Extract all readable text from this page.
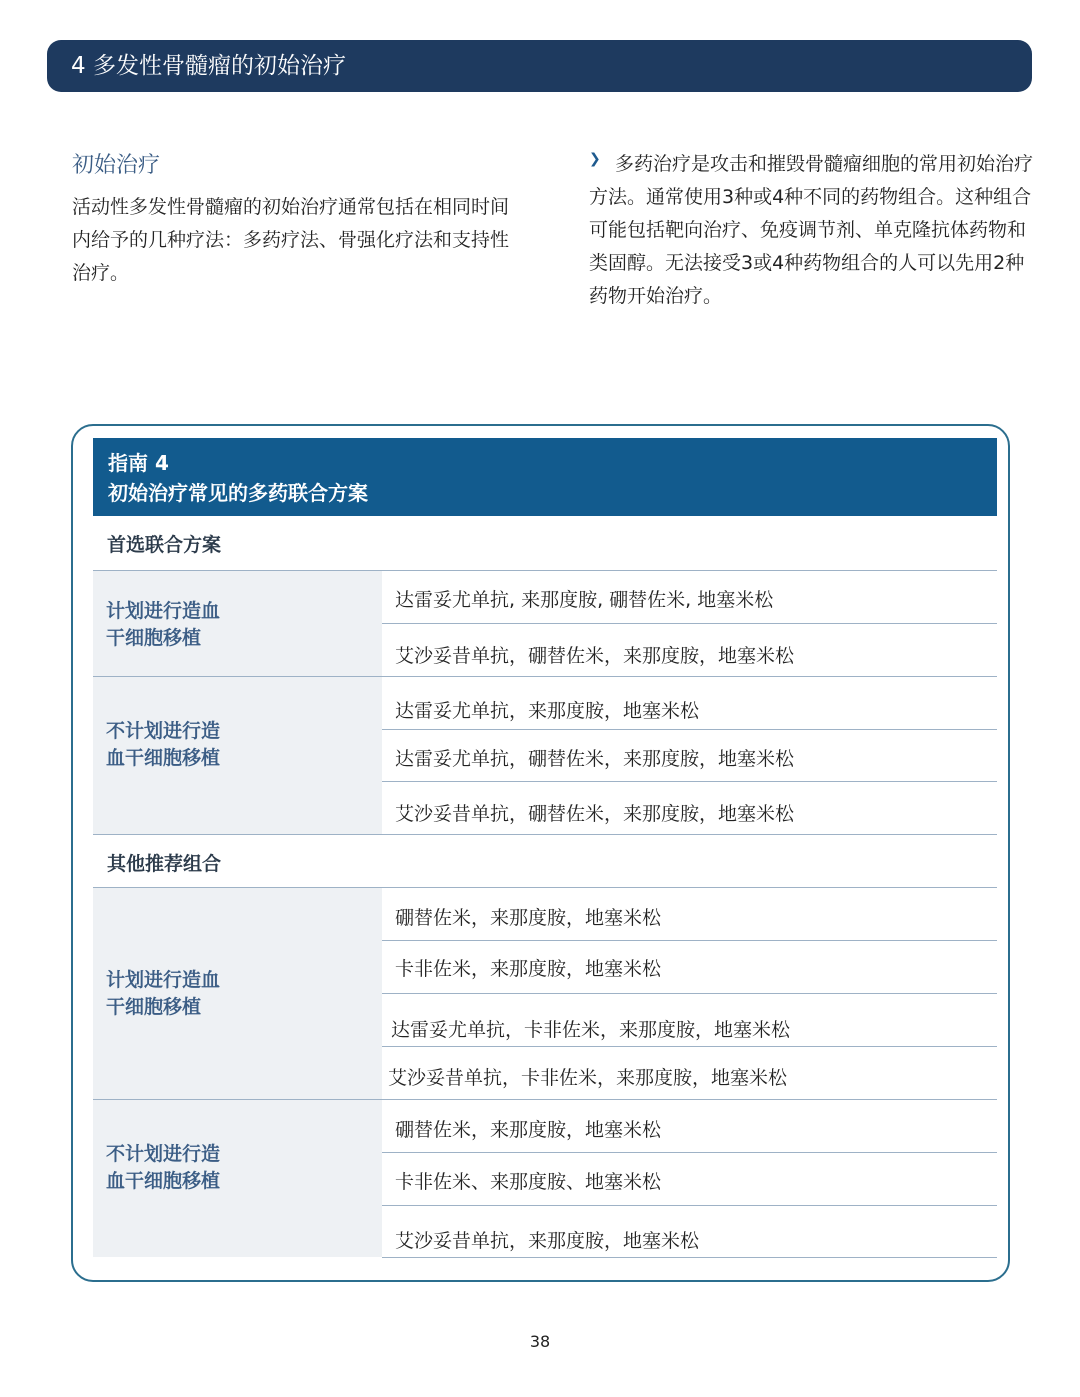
4 多发性骨髓瘤的初始治疗
初始治疗

活动性多发性骨髓瘤的初始治疗通常包括在相同时间内给予的几种疗法：多药疗法、骨强化疗法和支持性治疗。

❯ 多药治疗是攻击和摧毁骨髓瘤细胞的常用初始治疗方法。通常使用3种或4种不同的药物组合。这种组合可能包括靶向治疗、免疫调节剂、单克隆抗体药物和类固醇。无法接受3或4种药物组合的人可以先用2种药物开始治疗。

指南 4
初始治疗常见的多药联合方案
首选联合方案
计划进行造血
干细胞移植
达雷妥尤单抗, 来那度胺, 硼替佐米, 地塞米松
艾沙妥昔单抗，硼替佐米，来那度胺，地塞米松
不计划进行造
血干细胞移植
达雷妥尤单抗，来那度胺，地塞米松
达雷妥尤单抗，硼替佐米，来那度胺，地塞米松
艾沙妥昔单抗，硼替佐米，来那度胺，地塞米松
其他推荐组合
计划进行造血
干细胞移植
硼替佐米，来那度胺，地塞米松
卡非佐米，来那度胺，地塞米松
达雷妥尤单抗，卡非佐米，来那度胺，地塞米松
艾沙妥昔单抗，卡非佐米，来那度胺，地塞米松
不计划进行造
血干细胞移植
硼替佐米，来那度胺，地塞米松
卡非佐米、来那度胺、地塞米松
艾沙妥昔单抗，来那度胺，地塞米松
38
